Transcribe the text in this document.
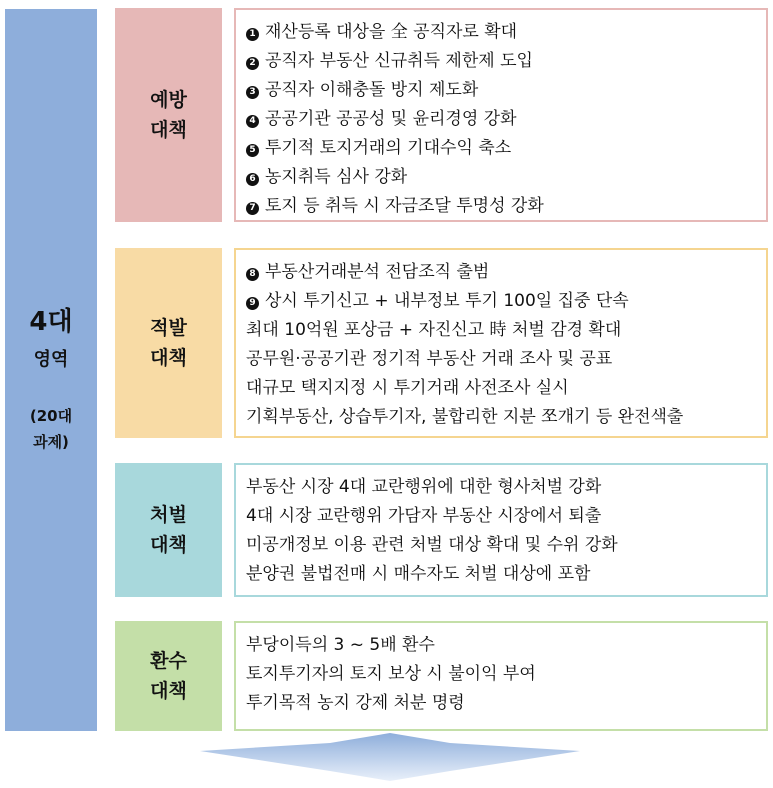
4대
영역
(20대
과제)
예방
대책
1 재산등록 대상을 全 공직자로 확대
2 공직자 부동산 신규취득 제한제 도입
3 공직자 이해충돌 방지 제도화
4 공공기관 공공성 및 윤리경영 강화
5 투기적 토지거래의 기대수익 축소
6 농지취득 심사 강화
7 토지 등 취득 시 자금조달 투명성 강화
적발
대책
8 부동산거래분석 전담조직 출범
9 상시 투기신고 + 내부정보 투기 100일 집중 단속
최대 10억원 포상금 + 자진신고 時 처벌 감경 확대
공무원·공공기관 정기적 부동산 거래 조사 및 공표
대규모 택지지정 시 투기거래 사전조사 실시
기획부동산, 상습투기자, 불합리한 지분 쪼개기 등 완전색출
처벌
대책
부동산 시장 4대 교란행위에 대한 형사처벌 강화
4대 시장 교란행위 가담자 부동산 시장에서 퇴출
미공개정보 이용 관련 처벌 대상 확대 및 수위 강화
분양권 불법전매 시 매수자도 처벌 대상에 포함
환수
대책
부당이득의 3 ~ 5배 환수
토지투기자의 토지 보상 시 불이익 부여
투기목적 농지 강제 처분 명령
